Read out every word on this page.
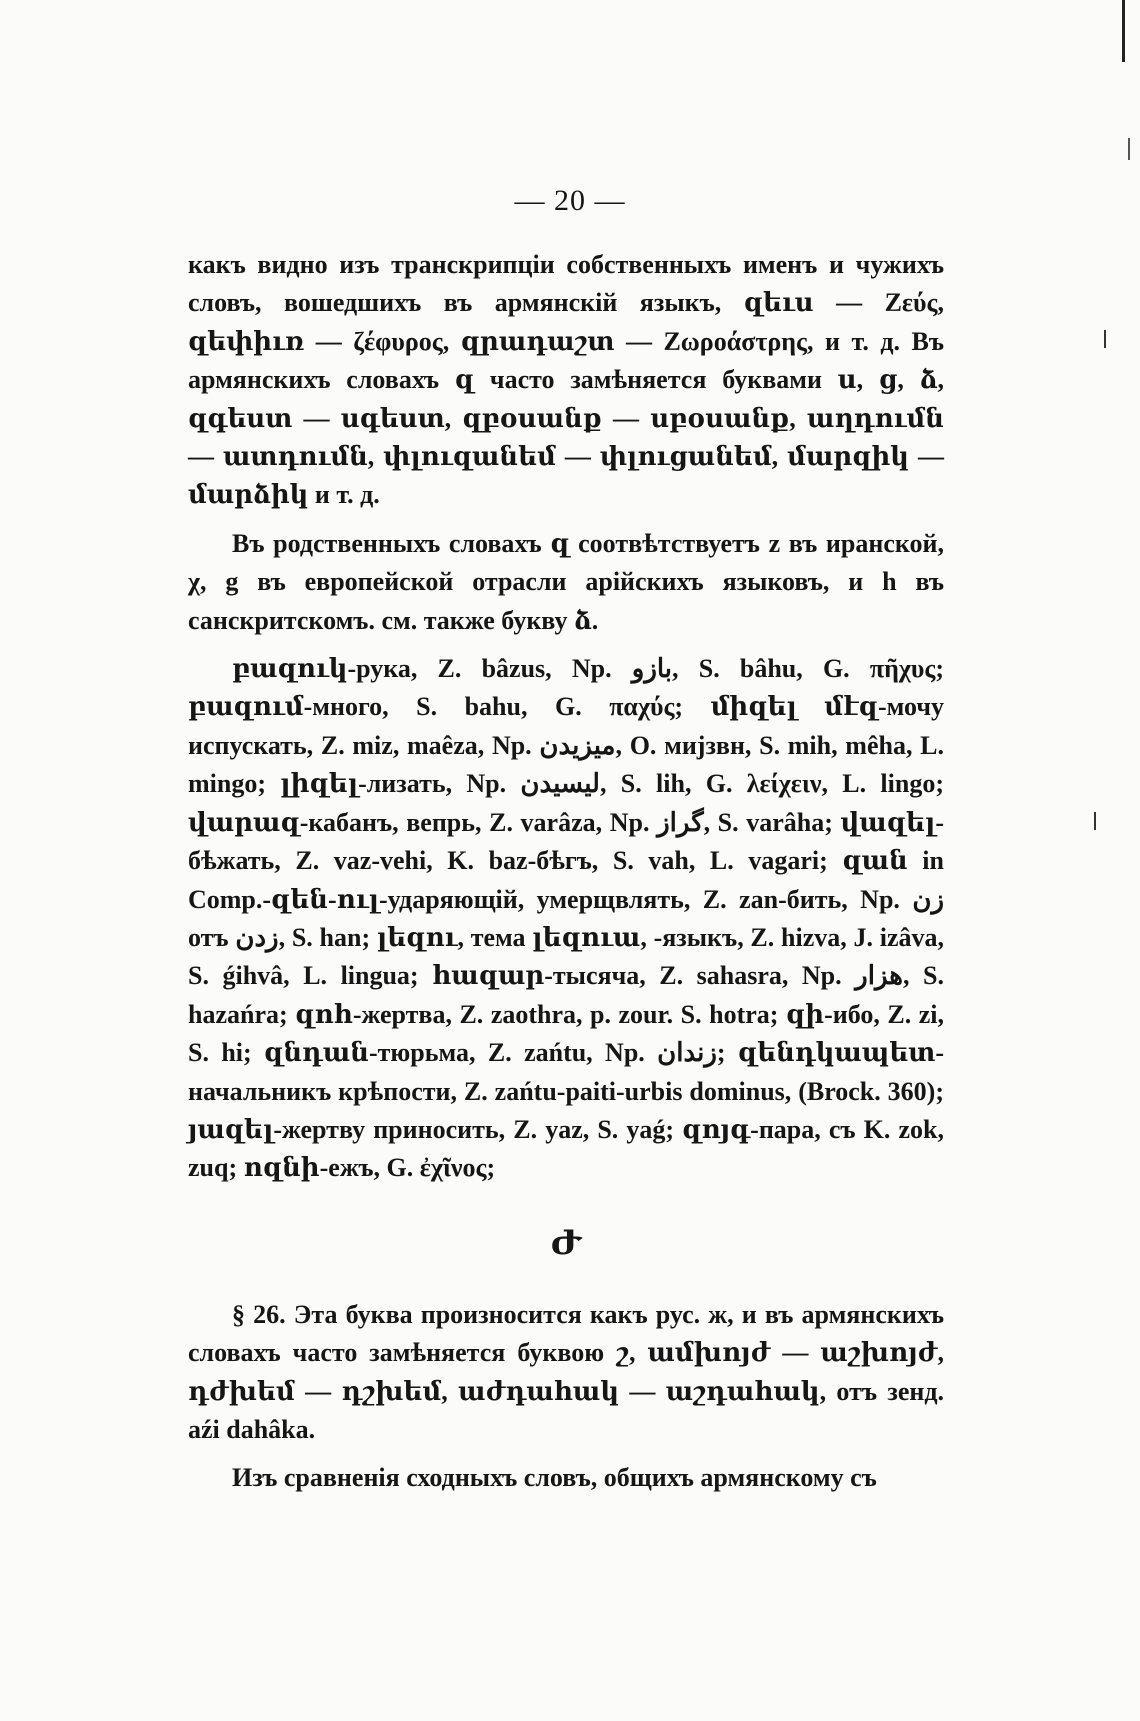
— 20 —

какъ видно изъ транскрипціи собственныхъ именъ и чужихъ словъ, вошедшихъ въ армянскій языкъ, զեւս — Ζεύς, զեփիւռ — ζέφυρος, զրադաշտ — Ζωροάστρης, и т. д. Въ армянскихъ словахъ զ часто замѣняется буквами ս, ց, ձ, զգեստ — սգեստ, զբօսանք — սբօսանք, աղդումն — ատդումն, փլուզանեմ — փլուցանեմ, մարզիկ — մարձիկ и т. д.

Въ родственныхъ словахъ զ соотвѣтствуетъ z въ иранской, χ, g въ европейской отрасли арійскихъ языковъ, и h въ санскритскомъ. см. также букву ձ.

բազուկ-рука, Z. bâzus, Np. بازو, S. bâhu, G. πῆχυς; բազում-много, S. bahu, G. παχύς; միզել մէզ-мочу испускать, Z. miz, maêza, Np. میزیدن, O. мијзвн, S. mih, mêha, L. mingo; լիզել-лизать, Np. لیسیدن, S. lih, G. λείχειν, L. lingo; վարազ-кабанъ, вепрь, Z. varâza, Np. گراز, S. varâha; վազել-бѣжать, Z. vaz-vehi, K. baz-бѣгъ, S. vah, L. vagari; զան in Comp.-զեն-ուլ-ударяющій, умерщвлять, Z. zan-бить, Np. زن отъ زدن, S. han; լեզու, тема լեզուա, -языкъ, Z. hizva, J. izâva, S. ǵihvâ, L. lingua; հազար-тысяча, Z. sahasra, Np. هزار, S. hazańra; զոհ-жертва, Z. zaothra, p. zour. S. hotra; զի-ибо, Z. zi, S. hi; զնդան-тюрьма, Z. zańtu, Np. زندان; զենդկապետ-начальникъ крѣпости, Z. zańtu-paiti-urbis dominus, (Brock. 360); յազել-жертву приносить, Z. yaz, S. yaǵ; զոյգ-пара, съ K. zok, zuq; ոզնի-ежъ, G. ἐχῖνος;

Ժ

§ 26. Эта буква произносится какъ рус. ж, и въ армянскихъ словахъ часто замѣняется буквою շ, ամխոյժ — աշխոյժ, դժխեմ — դշխեմ, աժդահակ — աշդահակ, отъ зенд. aźi dahâka.

Изъ сравненія сходныхъ словъ, общихъ армянскому съ
